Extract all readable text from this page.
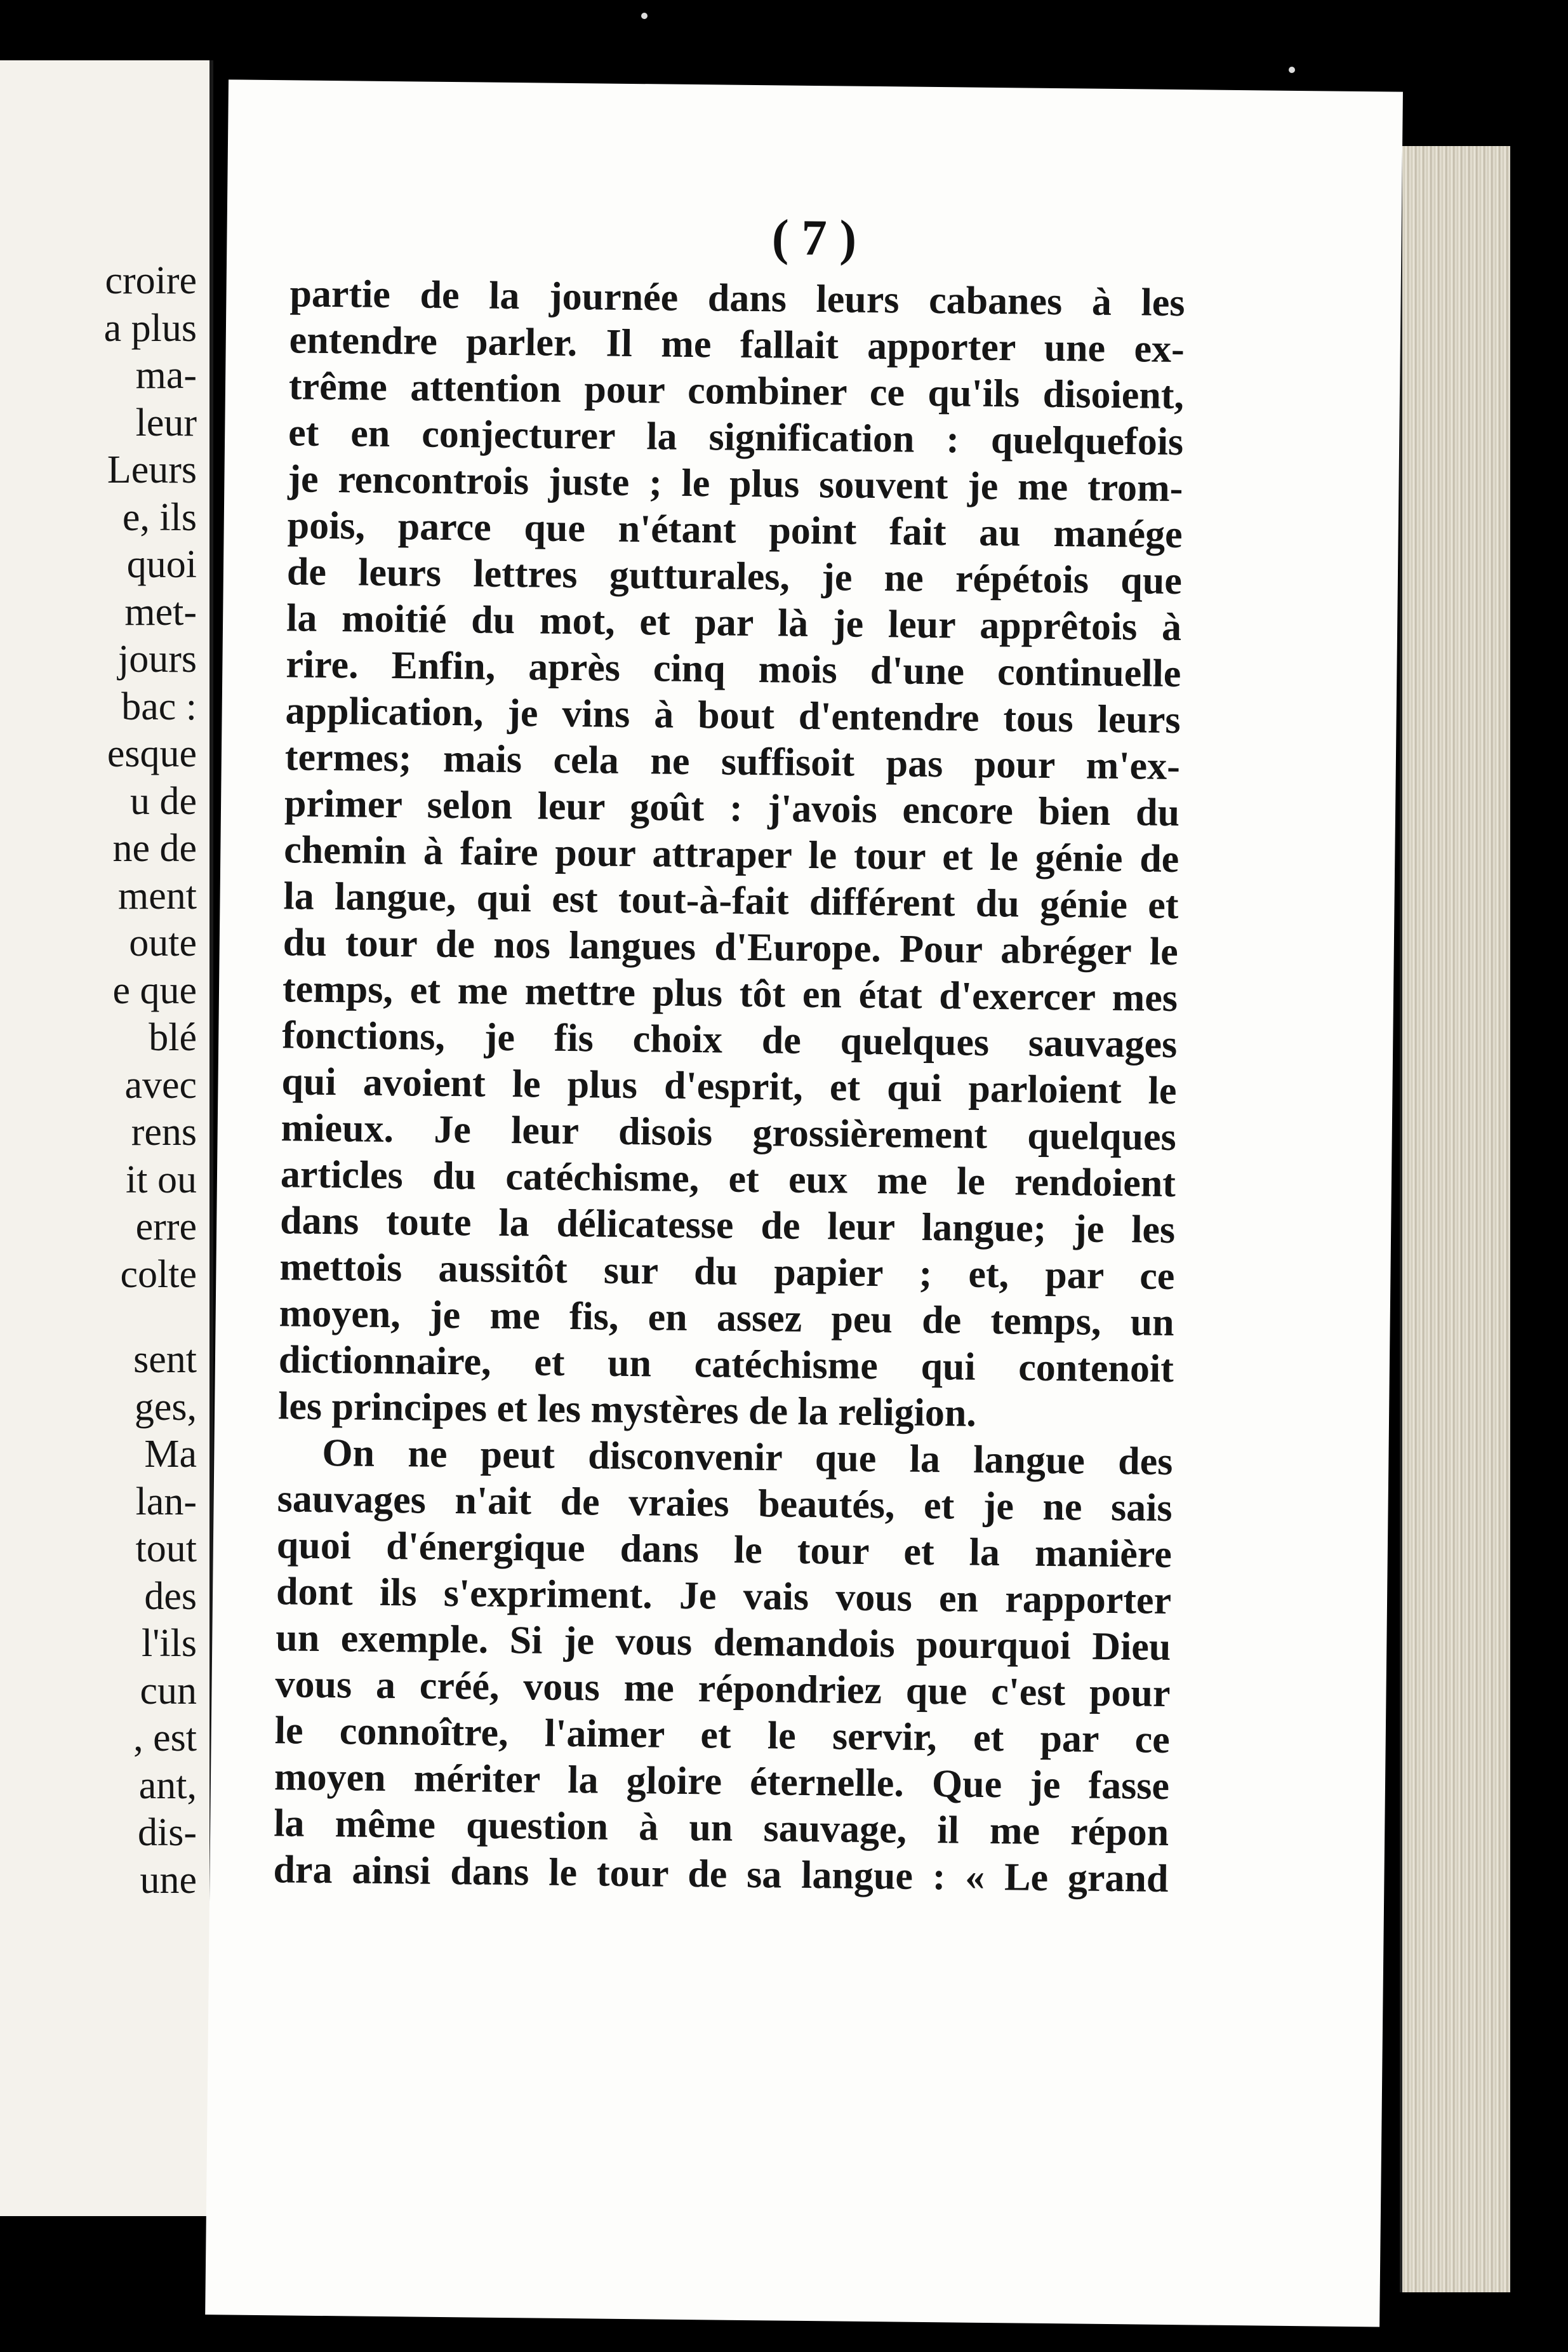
croire
a plus
ma-
leur
Leurs
e, ils
quoi
met-
jours
bac :
esque
u de
ne de
ment
oute
e que
blé
avec
rens
it ou
erre
colte
sent
ges,
Ma
lan-
tout
des
l'ils
cun
, est
ant,
dis-
une
( 7 )
partie de la journée dans leurs cabanes à les
entendre parler. Il me fallait apporter une ex-
trême attention pour combiner ce qu'ils disoient,
et en conjecturer la signification : quelquefois
je rencontrois juste ; le plus souvent je me trom-
pois, parce que n'étant point fait au manége
de leurs lettres gutturales, je ne répétois que
la moitié du mot, et par là je leur apprêtois à
rire. Enfin, après cinq mois d'une continuelle
application, je vins à bout d'entendre tous leurs
termes; mais cela ne suffisoit pas pour m'ex-
primer selon leur goût : j'avois encore bien du
chemin à faire pour attraper le tour et le génie de
la langue, qui est tout-à-fait différent du génie et
du tour de nos langues d'Europe. Pour abréger le
temps, et me mettre plus tôt en état d'exercer mes
fonctions, je fis choix de quelques sauvages
qui avoient le plus d'esprit, et qui parloient le
mieux. Je leur disois grossièrement quelques
articles du catéchisme, et eux me le rendoient
dans toute la délicatesse de leur langue; je les
mettois aussitôt sur du papier ; et, par ce
moyen, je me fis, en assez peu de temps, un
dictionnaire, et un catéchisme qui contenoit
les principes et les mystères de la religion.
On ne peut disconvenir que la langue des
sauvages n'ait de vraies beautés, et je ne sais
quoi d'énergique dans le tour et la manière
dont ils s'expriment. Je vais vous en rapporter
un exemple. Si je vous demandois pourquoi Dieu
vous a créé, vous me répondriez que c'est pour
le connoître, l'aimer et le servir, et par ce
moyen mériter la gloire éternelle. Que je fasse
la même question à un sauvage, il me répon
dra ainsi dans le tour de sa langue : « Le grand
